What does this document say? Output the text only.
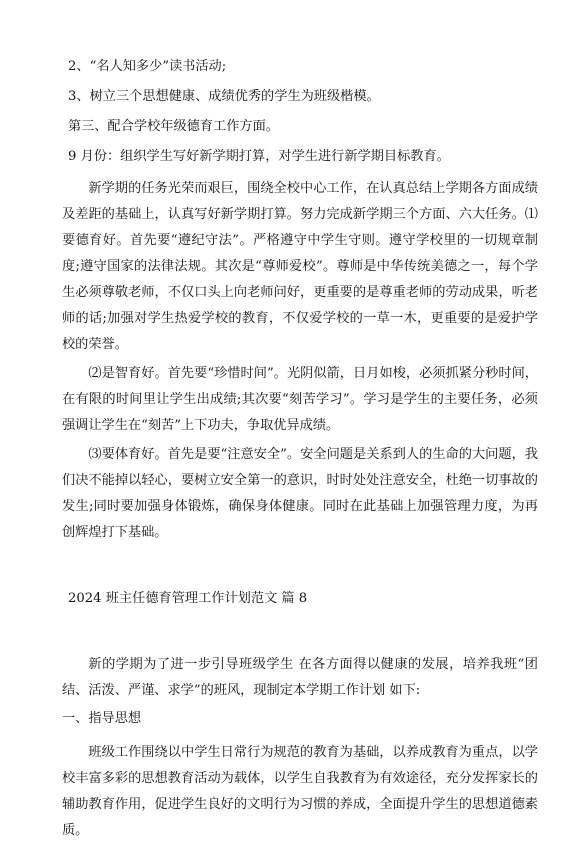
2、“名人知多少”读书活动;

3、树立三个思想健康、成绩优秀的学生为班级楷模。

第三、配合学校年级德育工作方面。

9 月份：组织学生写好新学期打算，对学生进行新学期目标教育。

新学期的任务光荣而艰巨，围绕全校中心工作，在认真总结上学期各方面成绩及差距的基础上，认真写好新学期打算。努力完成新学期三个方面、六大任务。⑴要德育好。首先要“遵纪守法”。严格遵守中学生守则。遵守学校里的一切规章制度;遵守国家的法律法规。其次是“尊师爱校”。尊师是中华传统美德之一，每个学生必须尊敬老师，不仅口头上向老师问好，更重要的是尊重老师的劳动成果，听老师的话;加强对学生热爱学校的教育，不仅爱学校的一草一木，更重要的是爱护学校的荣誉。

⑵是智育好。首先要“珍惜时间”。光阴似箭，日月如梭，必须抓紧分秒时间，在有限的时间里让学生出成绩;其次要“刻苦学习”。学习是学生的主要任务，必须强调让学生在“刻苦”上下功夫，争取优异成绩。

⑶要体育好。首先是要“注意安全”。安全问题是关系到人的生命的大问题，我们决不能掉以轻心，要树立安全第一的意识，时时处处注意安全，杜绝一切事故的发生;同时要加强身体锻炼，确保身体健康。同时在此基础上加强管理力度，为再创辉煌打下基础。

2024 班主任德育管理工作计划范文 篇 8

新的学期为了进一步引导班级学生 在各方面得以健康的发展，培养我班“团结、活泼、严谨、求学”的班风，现制定本学期工作计划 如下:

一、指导思想

班级工作围绕以中学生日常行为规范的教育为基础，以养成教育为重点，以学校丰富多彩的思想教育活动为载体，以学生自我教育为有效途径，充分发挥家长的辅助教育作用，促进学生良好的文明行为习惯的养成，全面提升学生的思想道德素质。
